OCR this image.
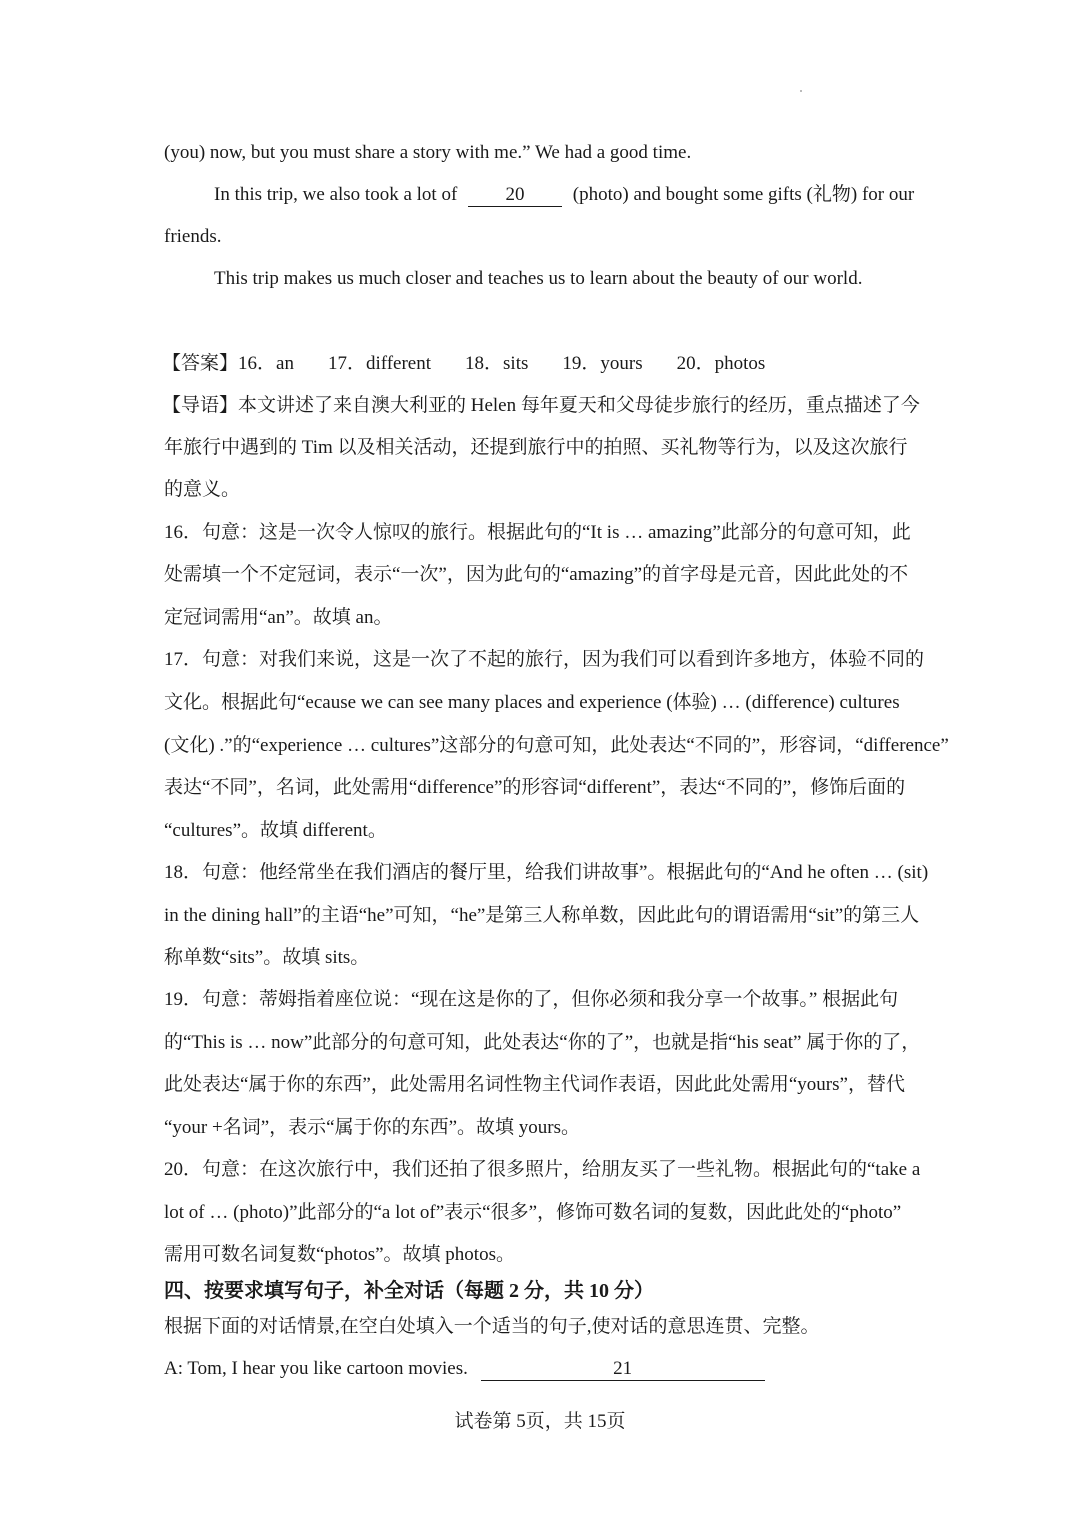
(you) now, but you must share a story with me.” We had a good time.
In this trip, we also took a lot of	20	(photo) and bought some gifts (礼物) for our
friends.
This trip makes us much closer and teaches us to learn about the beauty of our world.
【答案】16．an 17．different 18．sits 19．yours 20．photos
【导语】本文讲述了来自澳大利亚的 Helen 每年夏天和父母徒步旅行的经历，重点描述了今
年旅行中遇到的 Tim 以及相关活动，还提到旅行中的拍照、买礼物等行为，以及这次旅行
的意义。
16．句意：这是一次令人惊叹的旅行。根据此句的“It is … amazing”此部分的句意可知，此
处需填一个不定冠词，表示“一次”，因为此句的“amazing”的首字母是元音，因此此处的不
定冠词需用“an”。故填 an。
17．句意：对我们来说，这是一次了不起的旅行，因为我们可以看到许多地方，体验不同的
文化。根据此句“ecause we can see many places and experience (体验) … (difference) cultures
(文化) .”的“experience … cultures”这部分的句意可知，此处表达“不同的”，形容词，“difference”
表达“不同”，名词，此处需用“difference”的形容词“different”，表达“不同的”，修饰后面的
“cultures”。故填 different。
18．句意：他经常坐在我们酒店的餐厅里，给我们讲故事”。根据此句的“And he often … (sit)
in the dining hall”的主语“he”可知，“he”是第三人称单数，因此此句的谓语需用“sit”的第三人
称单数“sits”。故填 sits。
19．句意：蒂姆指着座位说：“现在这是你的了，但你必须和我分享一个故事。” 根据此句
的“This is … now”此部分的句意可知，此处表达“你的了”，也就是指“his seat” 属于你的了，
此处表达“属于你的东西”，此处需用名词性物主代词作表语，因此此处需用“yours”，替代
“your +名词”，表示“属于你的东西”。故填 yours。
20．句意：在这次旅行中，我们还拍了很多照片，给朋友买了一些礼物。根据此句的“take a
lot of … (photo)”此部分的“a lot of”表示“很多”，修饰可数名词的复数，因此此处的“photo”
需用可数名词复数“photos”。故填 photos。
四、按要求填写句子，补全对话（每题 2 分，共 10 分）
根据下面的对话情景,在空白处填入一个适当的句子,使对话的意思连贯、完整。
A: Tom, I hear you like cartoon movies.	21
试卷第 5页，共 15页
